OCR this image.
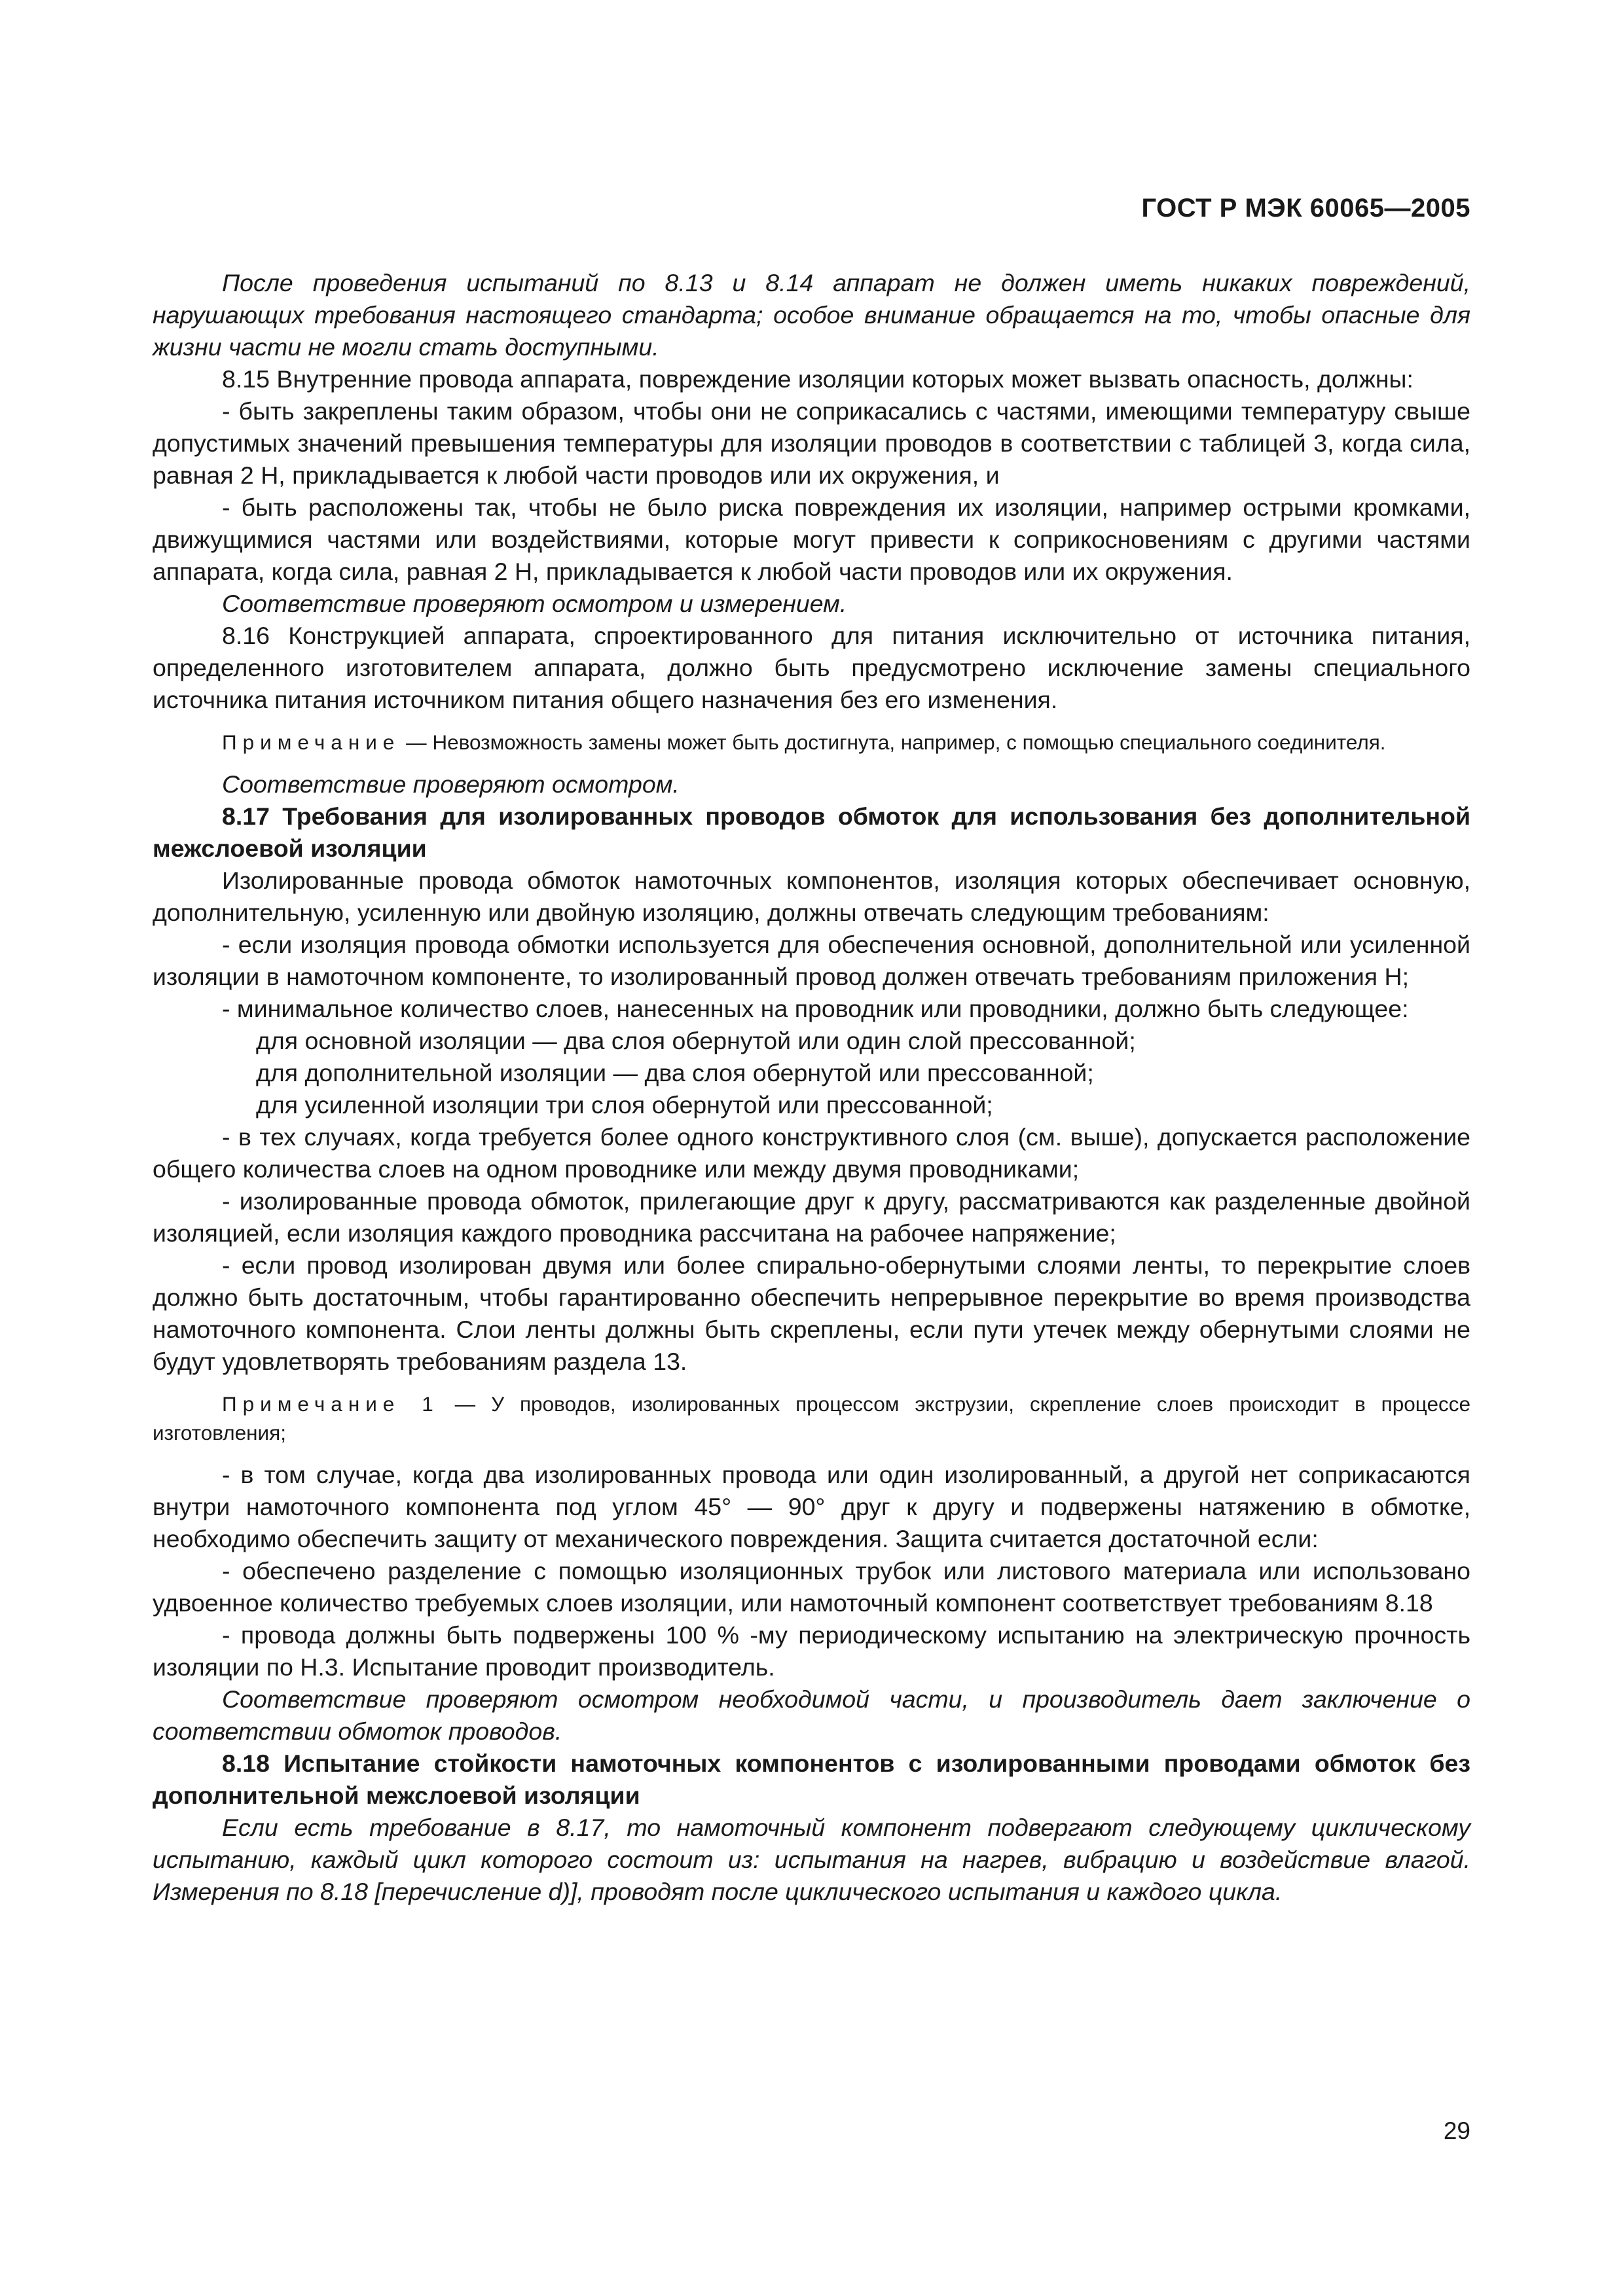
ГОСТ Р МЭК 60065—2005

После проведения испытаний по 8.13 и 8.14 аппарат не должен иметь никаких повреждений, нарушающих требования настоящего стандарта; особое внимание обращается на то, чтобы опасные для жизни части не могли стать доступными.

8.15 Внутренние провода аппарата, повреждение изоляции которых может вызвать опасность, должны:

- быть закреплены таким образом, чтобы они не соприкасались с частями, имеющими температуру свыше допустимых значений превышения температуры для изоляции проводов в соответствии с таблицей 3, когда сила, равная 2 Н, прикладывается к любой части проводов или их окружения, и

- быть расположены так, чтобы не было риска повреждения их изоляции, например острыми кромками, движущимися частями или воздействиями, которые могут привести к соприкосновениям с другими частями аппарата, когда сила, равная 2 Н, прикладывается к любой части проводов или их окружения.

Соответствие проверяют осмотром и измерением.

8.16 Конструкцией аппарата, спроектированного для питания исключительно от источника питания, определенного изготовителем аппарата, должно быть предусмотрено исключение замены специального источника питания источником питания общего назначения без его изменения.

Примечание — Невозможность замены может быть достигнута, например, с помощью специального соединителя.

Соответствие проверяют осмотром.

8.17 Требования для изолированных проводов обмоток для использования без дополнительной межслоевой изоляции

Изолированные провода обмоток намоточных компонентов, изоляция которых обеспечивает основную, дополнительную, усиленную или двойную изоляцию, должны отвечать следующим требованиям:

- если изоляция провода обмотки используется для обеспечения основной, дополнительной или усиленной изоляции в намоточном компоненте, то изолированный провод должен отвечать требованиям приложения Н;

- минимальное количество слоев, нанесенных на проводник или проводники, должно быть следующее:

для основной изоляции — два слоя обернутой или один слой прессованной;

для дополнительной изоляции — два слоя обернутой или прессованной;

для усиленной изоляции три слоя обернутой или прессованной;

- в тех случаях, когда требуется более одного конструктивного слоя (см. выше), допускается расположение общего количества слоев на одном проводнике или между двумя проводниками;

- изолированные провода обмоток, прилегающие друг к другу, рассматриваются как разделенные двойной изоляцией, если изоляция каждого проводника рассчитана на рабочее напряжение;

- если провод изолирован двумя или более спирально-обернутыми слоями ленты, то перекрытие слоев должно быть достаточным, чтобы гарантированно обеспечить непрерывное перекрытие во время производства намоточного компонента. Слои ленты должны быть скреплены, если пути утечек между обернутыми слоями не будут удовлетворять требованиям раздела 13.

Примечание 1 — У проводов, изолированных процессом экструзии, скрепление слоев происходит в процессе изготовления;

- в том случае, когда два изолированных провода или один изолированный, а другой нет соприкасаются внутри намоточного компонента под углом 45° — 90° друг к другу и подвержены натяжению в обмотке, необходимо обеспечить защиту от механического повреждения. Защита считается достаточной если:

- обеспечено разделение с помощью изоляционных трубок или листового материала или использовано удвоенное количество требуемых слоев изоляции, или намоточный компонент соответствует требованиям 8.18

- провода должны быть подвержены 100 % -му периодическому испытанию на электрическую прочность изоляции по Н.3. Испытание проводит производитель.

Соответствие проверяют осмотром необходимой части, и производитель дает заключение о соответствии обмоток проводов.

8.18 Испытание стойкости намоточных компонентов с изолированными проводами обмоток без дополнительной межслоевой изоляции

Если есть требование в 8.17, то намоточный компонент подвергают следующему циклическому испытанию, каждый цикл которого состоит из: испытания на нагрев, вибрацию и воздействие влагой. Измерения по 8.18 [перечисление d)], проводят после циклического испытания и каждого цикла.

29
